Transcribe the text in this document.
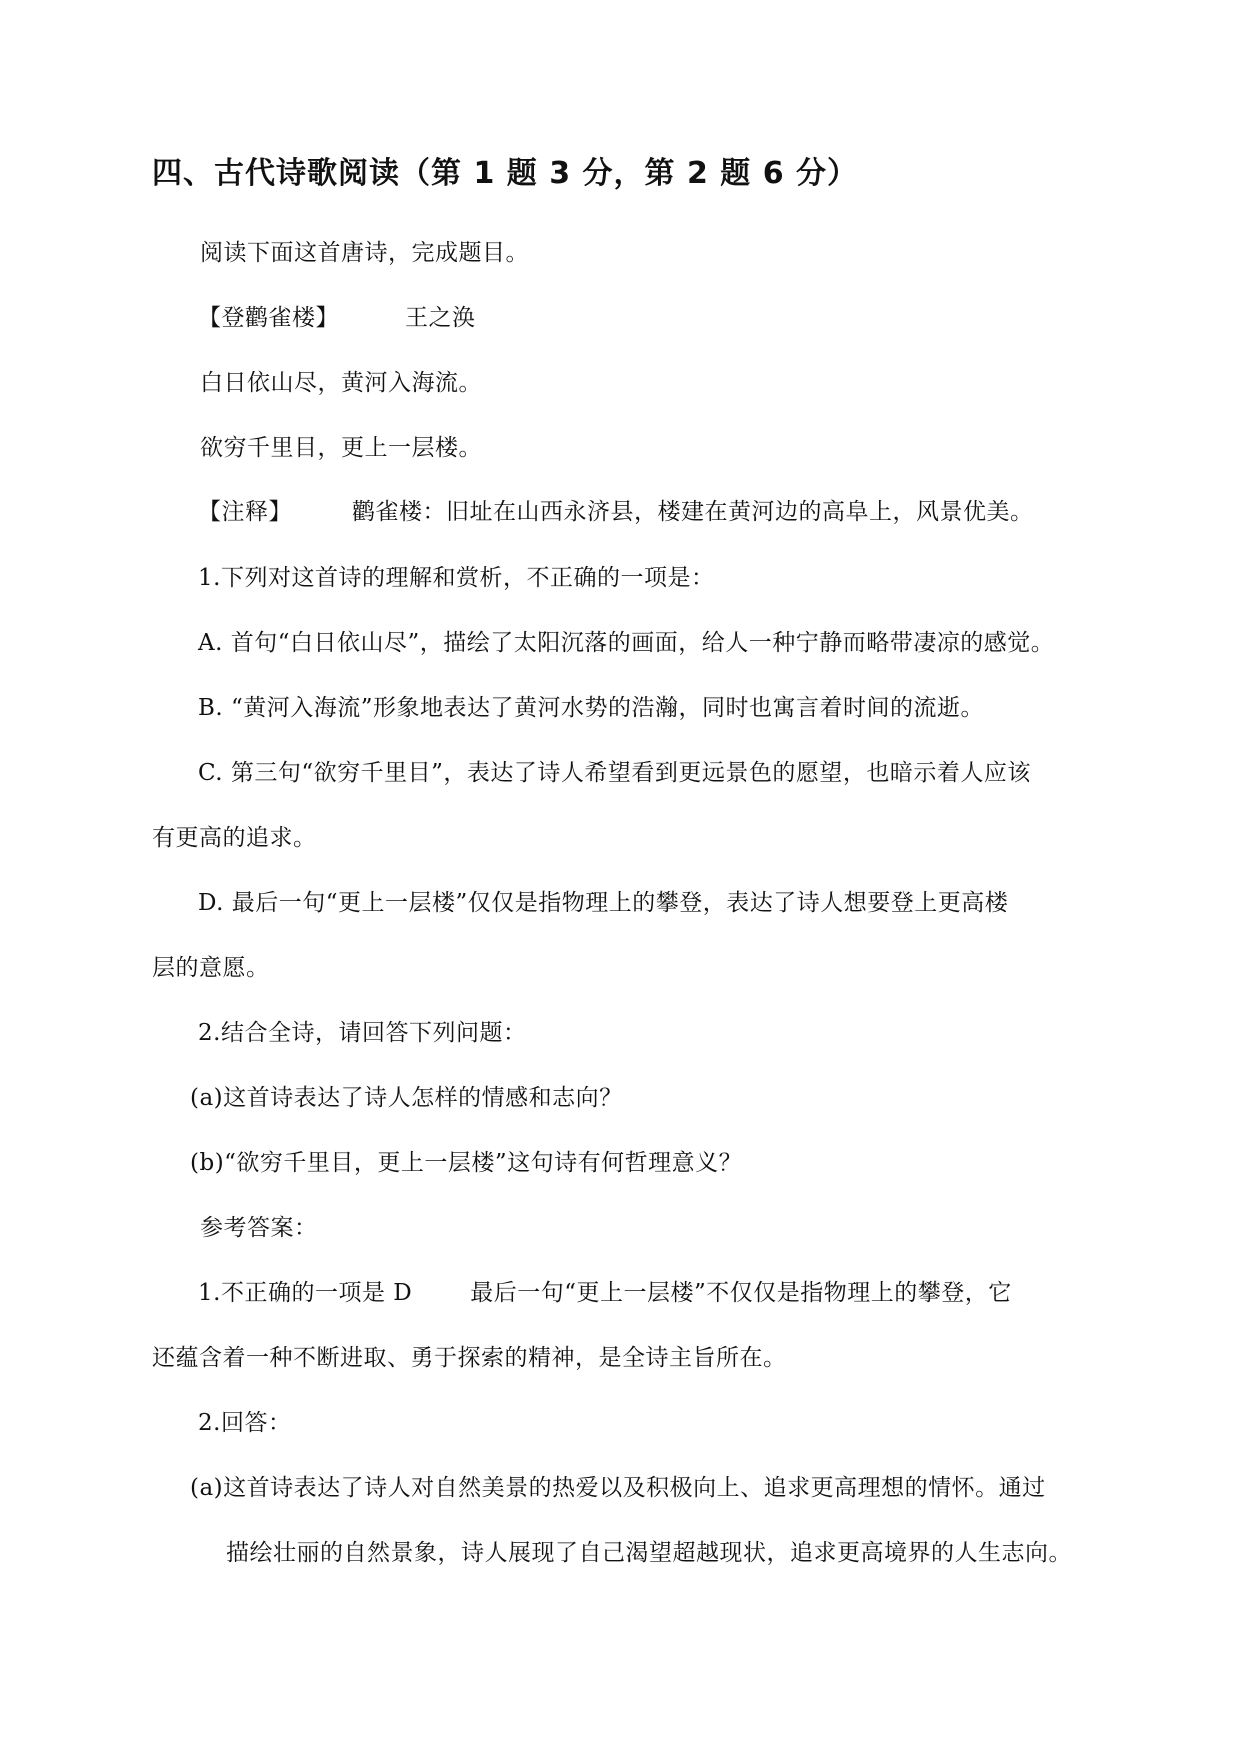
四、古代诗歌阅读（第 1 题 3 分，第 2 题 6 分）

阅读下面这首唐诗，完成题目。

【登鹳雀楼】	王之涣

白日依山尽，黄河入海流。

欲穷千里目，更上一层楼。

【注释】	鹳雀楼：旧址在山西永济县，楼建在黄河边的高阜上，风景优美。

1.下列对这首诗的理解和赏析，不正确的一项是：

A. 首句“白日依山尽”，描绘了太阳沉落的画面，给人一种宁静而略带凄凉的感觉。

B. “黄河入海流”形象地表达了黄河水势的浩瀚，同时也寓言着时间的流逝。

C. 第三句“欲穷千里目”，表达了诗人希望看到更远景色的愿望，也暗示着人应该

有更高的追求。

D. 最后一句“更上一层楼”仅仅是指物理上的攀登，表达了诗人想要登上更高楼

层的意愿。

2.结合全诗，请回答下列问题：

(a)这首诗表达了诗人怎样的情感和志向？

(b)“欲穷千里目，更上一层楼”这句诗有何哲理意义？

参考答案：

1.不正确的一项是 D	最后一句“更上一层楼”不仅仅是指物理上的攀登，它

还蕴含着一种不断进取、勇于探索的精神，是全诗主旨所在。

2.回答：

(a)这首诗表达了诗人对自然美景的热爱以及积极向上、追求更高理想的情怀。通过

描绘壮丽的自然景象，诗人展现了自己渴望超越现状，追求更高境界的人生志向。
